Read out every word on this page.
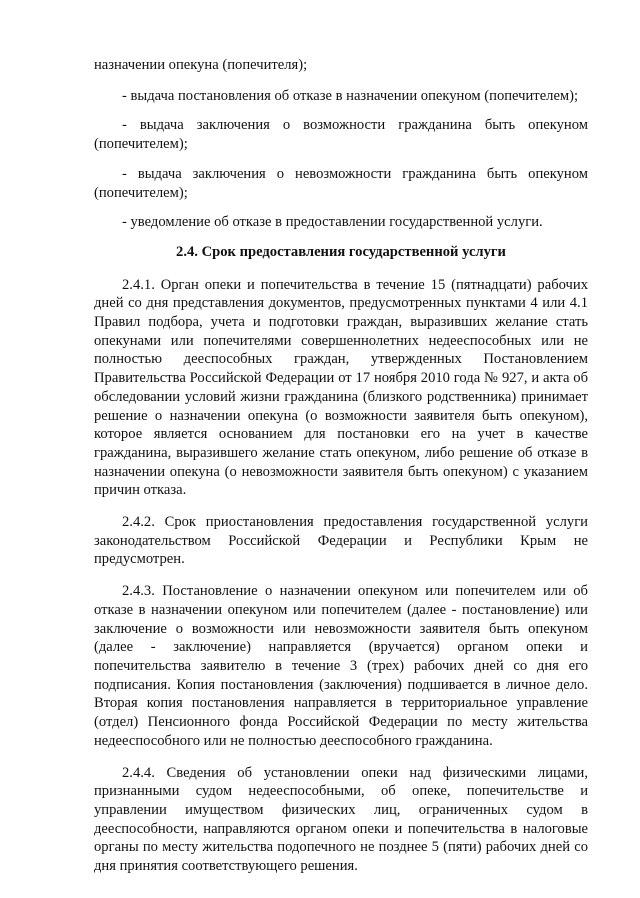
назначении опекуна (попечителя);

- выдача постановления об отказе в назначении опекуном (попечителем);

- выдача заключения о возможности гражданина быть опекуном (попечителем);

- выдача заключения о невозможности гражданина быть опекуном (попечителем);

- уведомление об отказе в предоставлении государственной услуги.

2.4. Срок предоставления государственной услуги

2.4.1. Орган опеки и попечительства в течение 15 (пятнадцати) рабочих дней со дня представления документов, предусмотренных пунктами 4 или 4.1 Правил подбора, учета и подготовки граждан, выразивших желание стать опекунами или попечителями совершеннолетних недееспособных или не полностью дееспособных граждан, утвержденных Постановлением Правительства Российской Федерации от 17 ноября 2010 года № 927, и акта об обследовании условий жизни гражданина (близкого родственника) принимает решение о назначении опекуна (о возможности заявителя быть опекуном), которое является основанием для постановки его на учет в качестве гражданина, выразившего желание стать опекуном, либо решение об отказе в назначении опекуна (о невозможности заявителя быть опекуном) с указанием причин отказа.

2.4.2. Срок приостановления предоставления государственной услуги законодательством Российской Федерации и Республики Крым не предусмотрен.

2.4.3. Постановление о назначении опекуном или попечителем или об отказе в назначении опекуном или попечителем (далее - постановление) или заключение о возможности или невозможности заявителя быть опекуном (далее - заключение) направляется (вручается) органом опеки и попечительства заявителю в течение 3 (трех) рабочих дней со дня его подписания. Копия постановления (заключения) подшивается в личное дело. Вторая копия постановления направляется в территориальное управление (отдел) Пенсионного фонда Российской Федерации по месту жительства недееспособного или не полностью дееспособного гражданина.

2.4.4. Сведения об установлении опеки над физическими лицами, признанными судом недееспособными, об опеке, попечительстве и управлении имуществом физических лиц, ограниченных судом в дееспособности, направляются органом опеки и попечительства в налоговые органы по месту жительства подопечного не позднее 5 (пяти) рабочих дней со дня принятия соответствующего решения.
